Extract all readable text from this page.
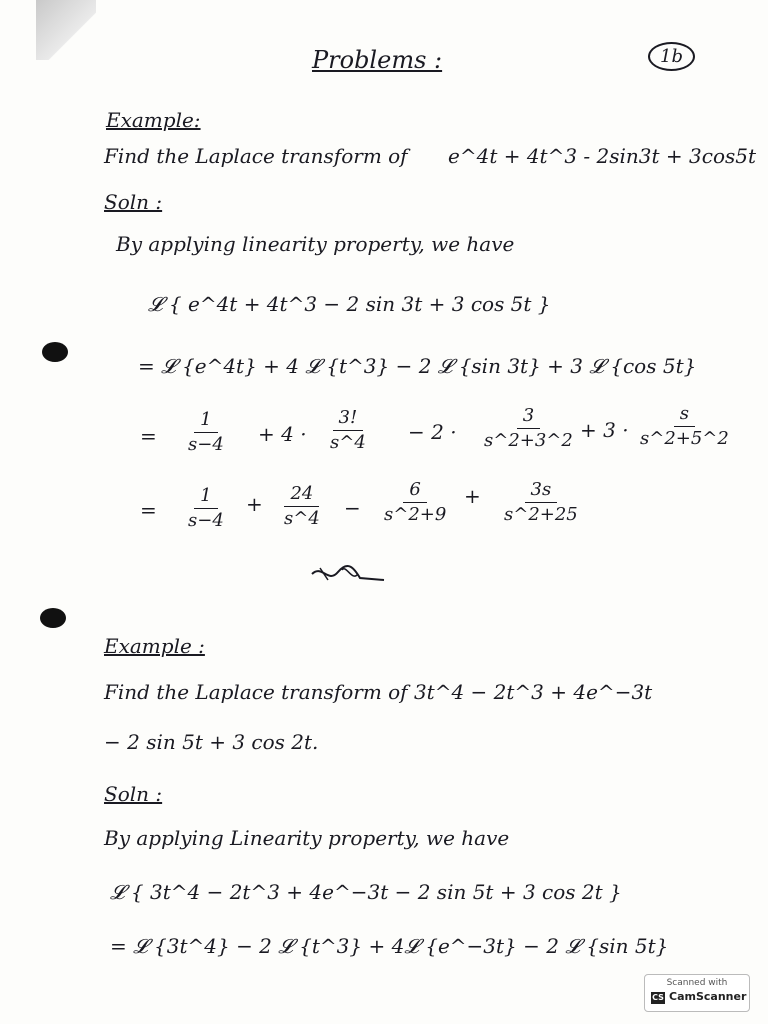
Problems :	1b
Example:
Find the Laplace transform of e^4t + 4t^3 - 2sin3t + 3cos5t
Soln :
By applying linearity property, we have
𝓛 { e^4t + 4t^3 − 2 sin 3t + 3 cos 5t }
= 𝓛 {e^4t} + 4 𝓛 {t^3} − 2 𝓛 {sin 3t} + 3 𝓛 {cos 5t}
= $\frac{1}{s-4} + 4 \cdot \frac{3!}{s\^{}4} - 2 \cdot \frac{3}{s\^{}2+3\^{}2} + 3 \cdot \frac{s}{s\^{}2+5\^{}2}$
= $\frac{1}{s-4} + \frac{24}{s\^{}4} - \frac{6}{s\^{}2+9} + \frac{3s}{s\^{}2+25}$
Example :
Find the Laplace transform of 3t^4 − 2t^3 + 4e^−3t
− 2 sin 5t + 3 cos 2t.
Soln :
By applying Linearity property, we have
𝓛 { 3t^4 − 2t^3 + 4e^−3t − 2 sin 5t + 3 cos 2t }
= 𝓛 {3t^4} − 2 𝓛 {t^3} + 4𝓛 {e^−3t} − 2 𝓛 {sin 5t}
Scanned with
CS CamScanner
